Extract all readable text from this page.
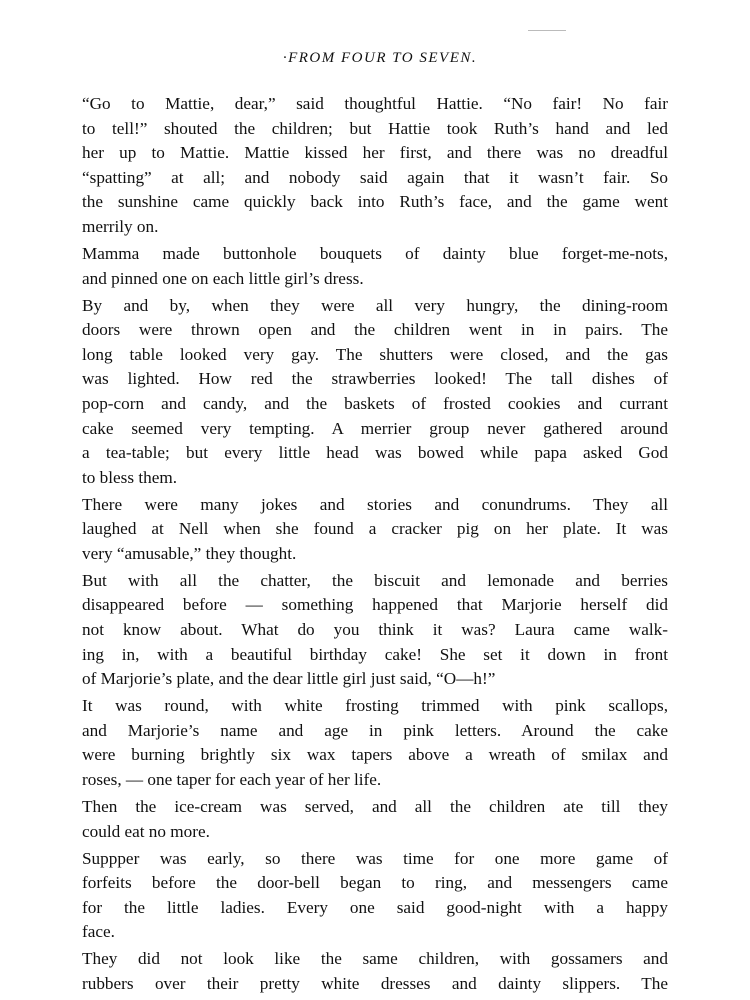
·FROM FOUR TO SEVEN.

“Go to Mattie, dear,” said thoughtful Hattie. “No fair! No fair
to tell!” shouted the children; but Hattie took Ruth’s hand and led
her up to Mattie. Mattie kissed her first, and there was no dreadful
“spatting” at all; and nobody said again that it wasn’t fair. So
the sunshine came quickly back into Ruth’s face, and the game went
merrily on.

Mamma made buttonhole bouquets of dainty blue forget-me-nots,
and pinned one on each little girl’s dress.

By and by, when they were all very hungry, the dining-room
doors were thrown open and the children went in in pairs. The
long table looked very gay. The shutters were closed, and the gas
was lighted. How red the strawberries looked! The tall dishes of
pop-corn and candy, and the baskets of frosted cookies and currant
cake seemed very tempting. A merrier group never gathered around
a tea-table; but every little head was bowed while papa asked God
to bless them.

There were many jokes and stories and conundrums. They all
laughed at Nell when she found a cracker pig on her plate. It was
very “amusable,” they thought.

But with all the chatter, the biscuit and lemonade and berries
disappeared before — something happened that Marjorie herself did
not know about. What do you think it was? Laura came walk-
ing in, with a beautiful birthday cake! She set it down in front
of Marjorie’s plate, and the dear little girl just said, “O—h!”

It was round, with white frosting trimmed with pink scallops,
and Marjorie’s name and age in pink letters. Around the cake
were burning brightly six wax tapers above a wreath of smilax and
roses, — one taper for each year of her life.

Then the ice-cream was served, and all the children ate till they
could eat no more.

Suppper was early, so there was time for one more game of
forfeits before the door-bell began to ring, and messengers came
for the little ladies. Every one said good-night with a happy
face.

They did not look like the same children, with gossamers and
rubbers over their pretty white dresses and dainty slippers. The
